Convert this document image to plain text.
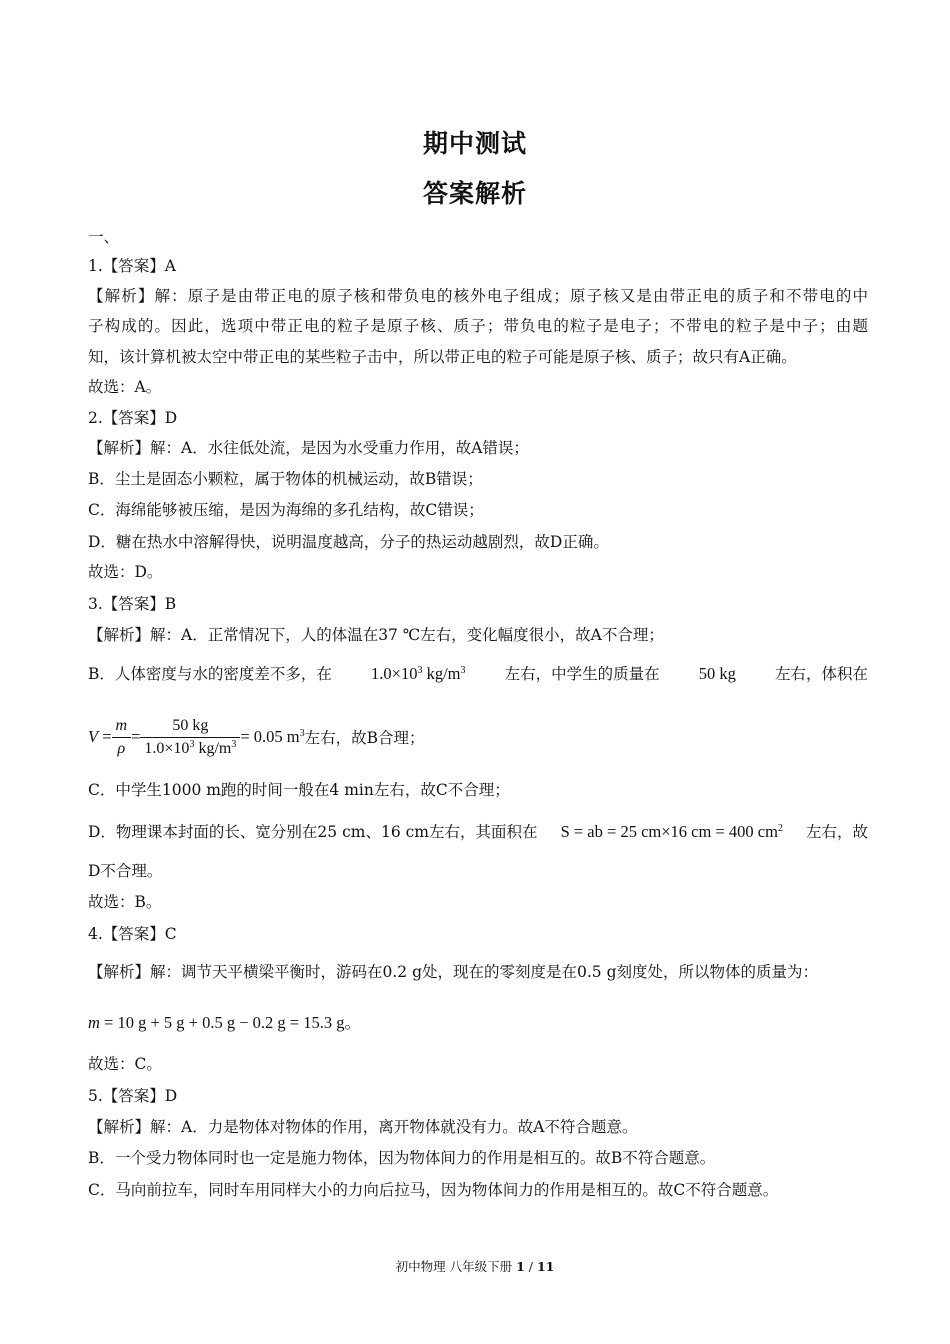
期中测试
答案解析
一、
1.【答案】A
【解析】解：原子是由带正电的原子核和带负电的核外电子组成；原子核又是由带正电的质子和不带电的中
子构成的。因此，选项中带正电的粒子是原子核、质子；带负电的粒子是电子；不带电的粒子是中子；由题
知，该计算机被太空中带正电的某些粒子击中，所以带正电的粒子可能是原子核、质子；故只有A正确。
故选：A。
2.【答案】D
【解析】解：A．水往低处流，是因为水受重力作用，故A错误；
B．尘土是固态小颗粒，属于物体的机械运动，故B错误；
C．海绵能够被压缩，是因为海绵的多孔结构，故C错误；
D．糖在热水中溶解得快，说明温度越高，分子的热运动越剧烈，故D正确。
故选：D。
3.【答案】B
【解析】解：A．正常情况下，人的体温在37 ℃左右，变化幅度很小，故A不合理；
B．人体密度与水的密度差不多，在 $1.0\times 10^3$ $kg/m^3$	左右，中学生的质量在 50 kg	左右，体积在
$V = \frac{m}{\rho} = \frac{50 kg}{1.0\times 10^3 kg/m^3} = 0.05$ $m^3$ 左右，故B合理；
C．中学生1000 m跑的时间一般在4 min左右，故C不合理；
D．物理课本封面的长、宽分别在25 cm、16 cm左右，其面积在 S = ab = 25 cm×16 cm = 400 $cm^2$ 左右，故
D不合理。
故选：B。
4.【答案】C
【解析】解：调节天平横梁平衡时，游码在0.2 g处，现在的零刻度是在0.5 g刻度处，所以物体的质量为：
m = 10 g + 5 g + 0.5 g − 0.2 g = 15.3 g。
故选：C。
5.【答案】D
【解析】解：A．力是物体对物体的作用，离开物体就没有力。故A不符合题意。
B．一个受力物体同时也一定是施力物体，因为物体间力的作用是相互的。故B不符合题意。
C．马向前拉车，同时车用同样大小的力向后拉马，因为物体间力的作用是相互的。故C不符合题意。
初中物理 八年级下册 1 / 11
